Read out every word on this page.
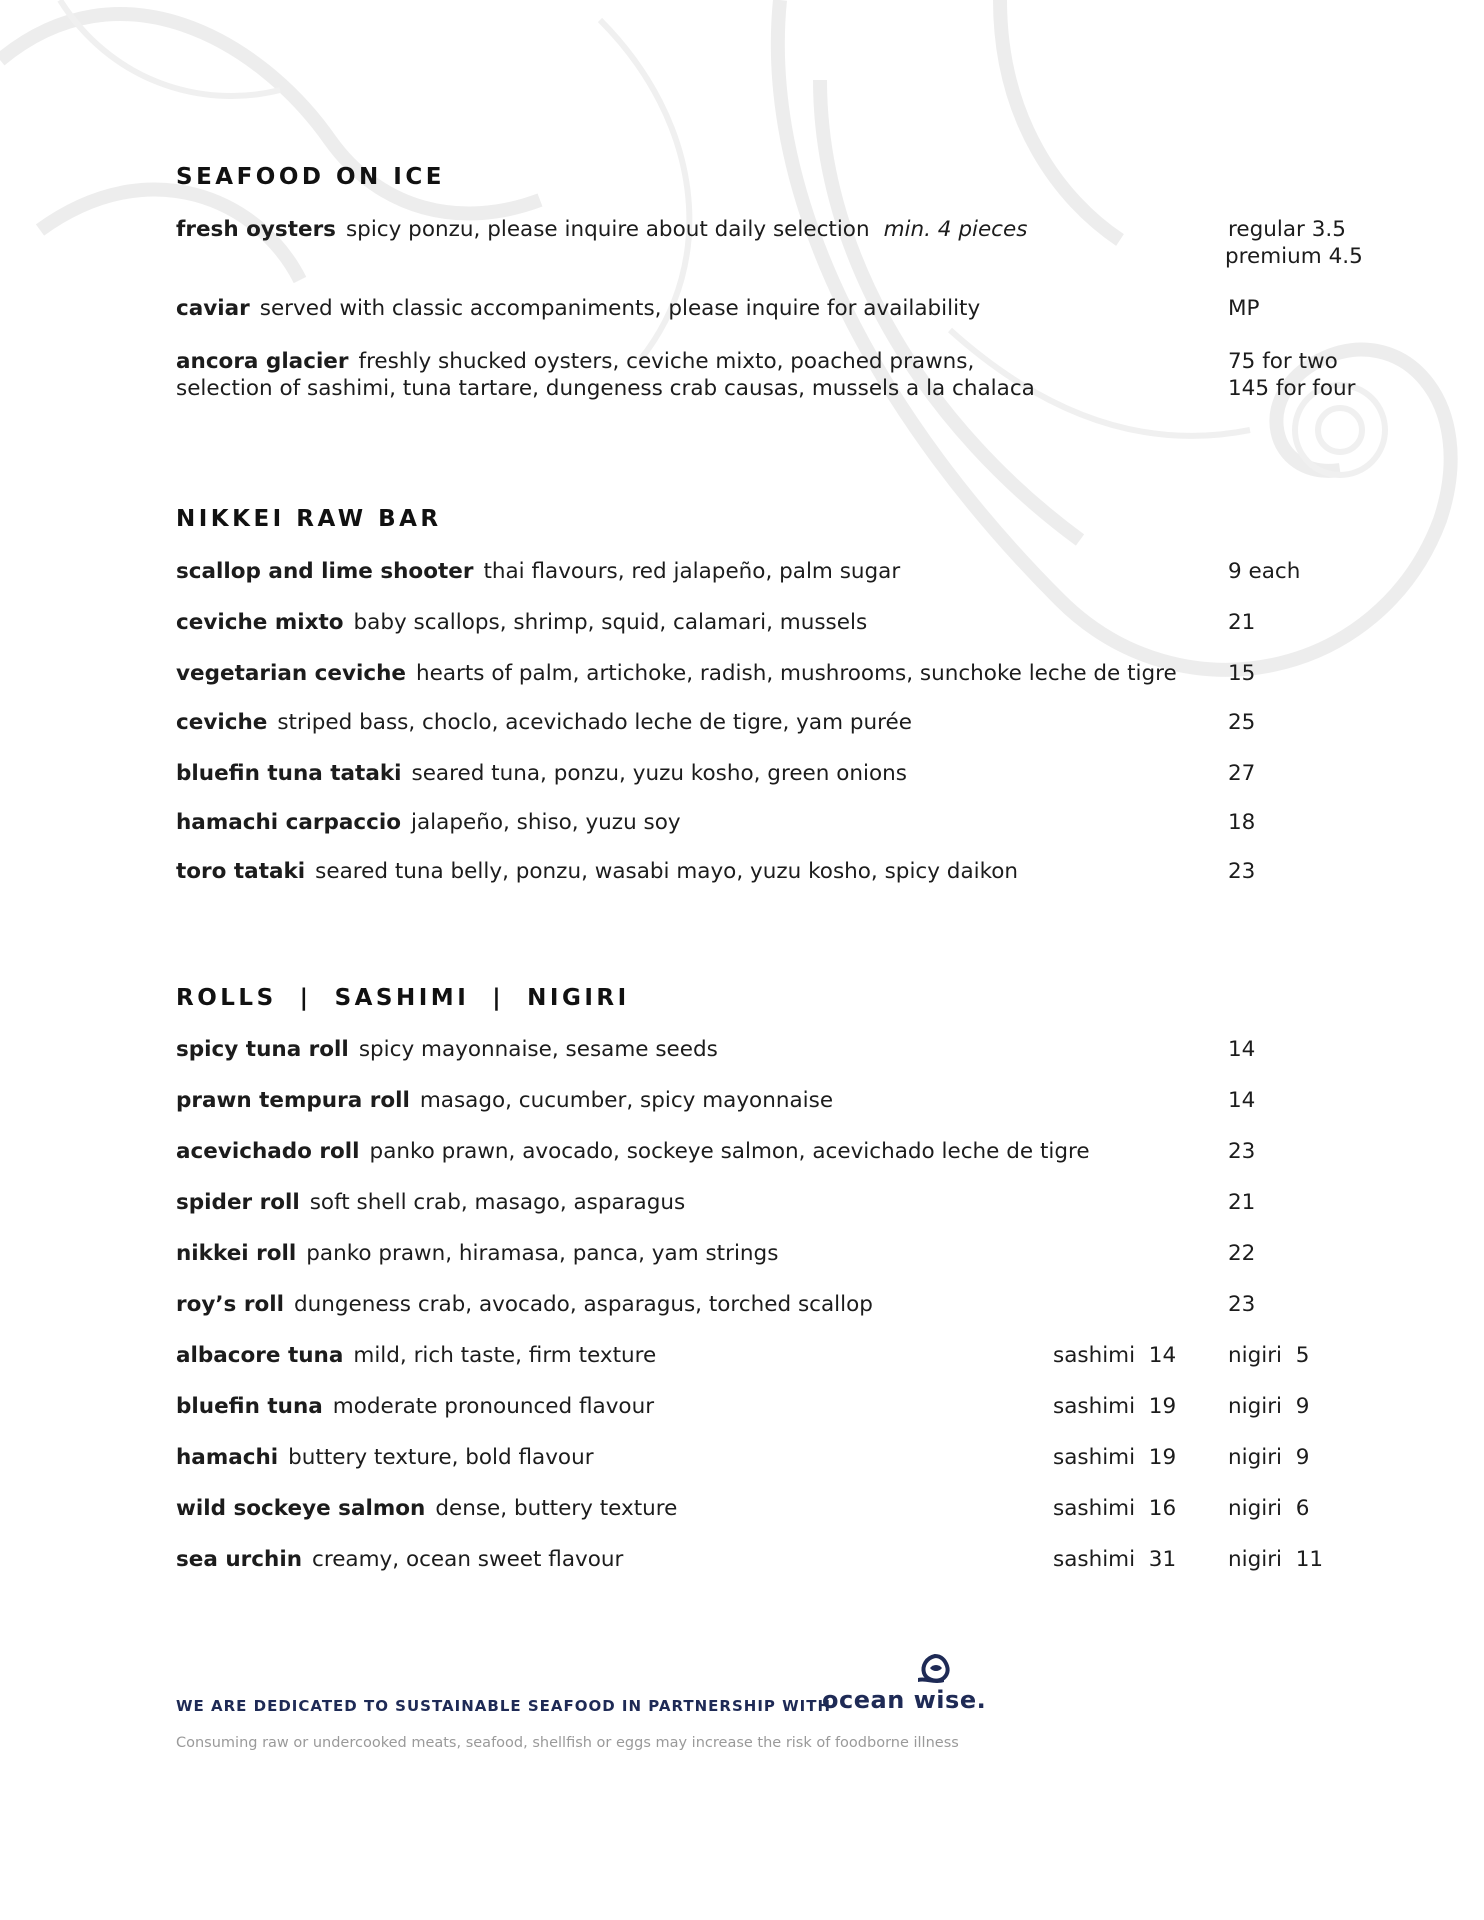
SEAFOOD ON ICE
fresh oysters spicy ponzu, please inquire about daily selection min. 4 pieces	regular 3.5
premium 4.5
caviar served with classic accompaniments, please inquire for availability	MP
ancora glacier freshly shucked oysters, ceviche mixto, poached prawns,
selection of sashimi, tuna tartare, dungeness crab causas, mussels a la chalaca
75 for two
145 for four
NIKKEI RAW BAR
scallop and lime shooter thai flavours, red jalapeño, palm sugar	9 each
ceviche mixto baby scallops, shrimp, squid, calamari, mussels	21
vegetarian ceviche hearts of palm, artichoke, radish, mushrooms, sunchoke leche de tigre 15
ceviche striped bass, choclo, acevichado leche de tigre, yam purée	25
bluefin tuna tataki seared tuna, ponzu, yuzu kosho, green onions	27
hamachi carpaccio jalapeño, shiso, yuzu soy	18
toro tataki seared tuna belly, ponzu, wasabi mayo, yuzu kosho, spicy daikon	23
ROLLS  |  SASHIMI  |  NIGIRI
spicy tuna roll spicy mayonnaise, sesame seeds	14
prawn tempura roll masago, cucumber, spicy mayonnaise	14
acevichado roll panko prawn, avocado, sockeye salmon, acevichado leche de tigre	23
spider roll soft shell crab, masago, asparagus	21
nikkei roll panko prawn, hiramasa, panca, yam strings	22
roy’s roll dungeness crab, avocado, asparagus, torched scallop	23
albacore tuna mild, rich taste, firm texture	sashimi  14 nigiri  5
bluefin tuna moderate pronounced flavour	sashimi  19 nigiri  9
hamachi buttery texture, bold flavour	sashimi  19 nigiri  9
wild sockeye salmon dense, buttery texture	sashimi  16 nigiri  6
sea urchin creamy, ocean sweet flavour	sashimi  31 nigiri  11
WE ARE DEDICATED TO SUSTAINABLE SEAFOOD IN PARTNERSHIP WITH
ocean wise.
Consuming raw or undercooked meats, seafood, shellfish or eggs may increase the risk of foodborne illness
